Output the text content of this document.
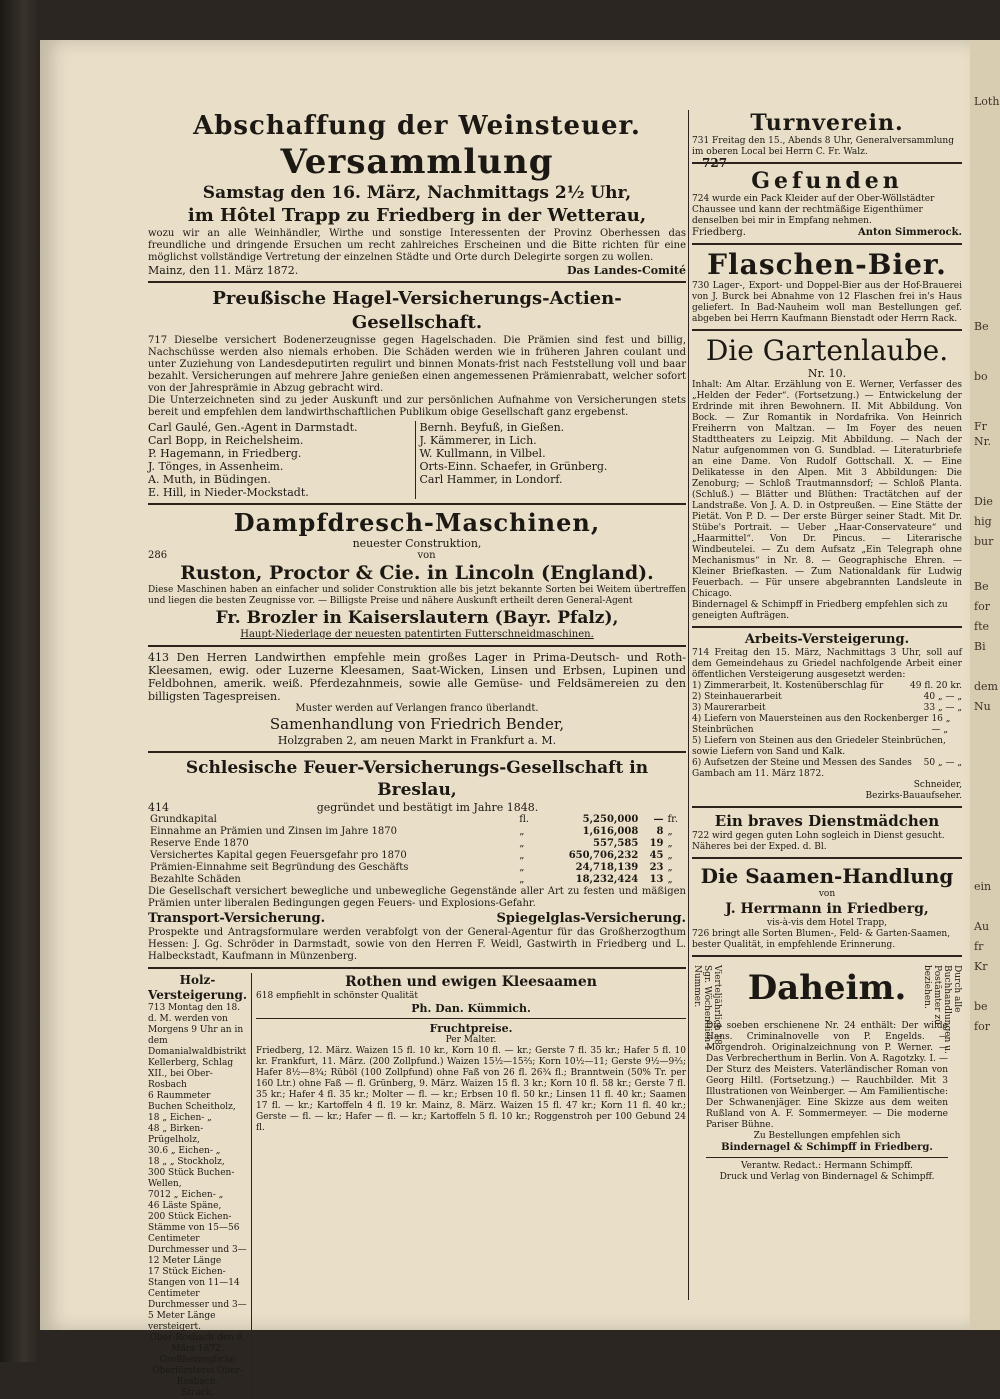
727
Abschaffung der Weinsteuer.
Versammlung
Samstag den 16. März, Nachmittags 2½ Uhr,
im Hôtel Trapp zu Friedberg in der Wetterau,

wozu wir an alle Weinhändler, Wirthe und sonstige Interessenten der Provinz Oberhessen das freundliche und dringende Ersuchen um recht zahlreiches Erscheinen und die Bitte richten für eine möglichst vollständige Vertretung der einzelnen Städte und Orte durch Delegirte sorgen zu wollen.

Mainz, den 11. März 1872.	Das Landes-Comité
Preußische Hagel-Versicherungs-Actien-Gesellschaft.

717 Dieselbe versichert Bodenerzeugnisse gegen Hagelschaden. Die Prämien sind fest und billig, Nachschüsse werden also niemals erhoben. Die Schäden werden wie in früheren Jahren coulant und unter Zuziehung von Landesdeputirten regulirt und binnen Monats-frist nach Feststellung voll und baar bezahlt. Versicherungen auf mehrere Jahre genießen einen angemessenen Prämienrabatt, welcher sofort von der Jahresprämie in Abzug gebracht wird.

Die Unterzeichneten sind zu jeder Auskunft und zur persönlichen Aufnahme von Versicherungen stets bereit und empfehlen dem landwirthschaftlichen Publikum obige Gesellschaft ganz ergebenst.

Carl Gaulé, Gen.-Agent in Darmstadt.
Carl Bopp, in Reichelsheim.
P. Hagemann, in Friedberg.
J. Tönges, in Assenheim.
A. Muth, in Büdingen.
E. Hill, in Nieder-Mockstadt.
Bernh. Beyfuß, in Gießen.
J. Kämmerer, in Lich.
W. Kullmann, in Vilbel.
Orts-Einn. Schaefer, in Grünberg.
Carl Hammer, in Londorf.
Dampfdresch-Maschinen,
neuester Construktion,
286	von
Ruston, Proctor & Cie. in Lincoln (England).

Diese Maschinen haben an einfacher und solider Construktion alle bis jetzt bekannte Sorten bei Weitem übertreffen und liegen die besten Zeugnisse vor. — Billigste Preise und nähere Auskunft ertheilt deren General-Agent

Fr. Brozler in Kaiserslautern (Bayr. Pfalz),
Haupt-Niederlage der neuesten patentirten Futterschneidmaschinen.

413 Den Herren Landwirthen empfehle mein großes Lager in Prima-Deutsch- und Roth-Kleesamen, ewig. oder Luzerne Kleesamen, Saat-Wicken, Linsen und Erbsen, Lupinen und Feldbohnen, amerik. weiß. Pferdezahnmeis, sowie alle Gemüse- und Feldsämereien zu den billigsten Tagespreisen.

Muster werden auf Verlangen franco überlandt.
Samenhandlung von Friedrich Bender,
Holzgraben 2, am neuen Markt in Frankfurt a. M.
Schlesische Feuer-Versicherungs-Gesellschaft in Breslau,
414	gegründet und bestätigt im Jahre 1848.
Grundkapital	fl.	5,250,000	—	fr.
Einnahme an Prämien und Zinsen im Jahre 1870	„	1,616,008	8	„
Reserve Ende 1870	„	557,585	19	„
Versichertes Kapital gegen Feuersgefahr pro 1870	„	650,706,232	45	„
Prämien-Einnahme seit Begründung des Geschäfts	„	24,718,139	23	„
Bezahlte Schäden	„	18,232,424	13	„

Die Gesellschaft versichert bewegliche und unbewegliche Gegenstände aller Art zu festen und mäßigen Prämien unter liberalen Bedingungen gegen Feuers- und Explosions-Gefahr.

Transport-Versicherung.	Spiegelglas-Versicherung.

Prospekte und Antragsformulare werden verabfolgt von der General-Agentur für das Großherzogthum Hessen: J. Gg. Schröder in Darmstadt, sowie von den Herren F. Weidl, Gastwirth in Friedberg und L. Halbeckstadt, Kaufmann in Münzenberg.

Holz-Versteigerung.

713 Montag den 18. d. M. werden von Morgens 9 Uhr an in dem Domanialwaldbistrikt Kellerberg, Schlag XII., bei Ober-Rosbach

6 Raummeter Buchen Scheitholz,
18 „ Eichen- „
48 „ Birken-Prügelholz,
30.6 „ Eichen- „
18 „ „ Stockholz,
300 Stück Buchen-Wellen,
7012 „ Eichen- „
46 Läste Späne,
200 Stück Eichen-Stämme von 15—56 Centimeter Durchmesser und 3—12 Meter Länge
17 Stück Eichen-Stangen von 11—14 Centimeter Durchmesser und 3—5 Meter Länge
versteigert.
Ober-Rosbach den 9. März 1872.
Großherzogliche Oberförsterei Ober-Rosbach.
Strack.
Rothen und ewigen Kleesaamen
618 empfiehlt in schönster Qualität
Ph. Dan. Kümmich.
Fruchtpreise.
Per Malter.

Friedberg, 12. März. Waizen 15 fl. 10 kr., Korn 10 fl. — kr.; Gerste 7 fl. 35 kr.; Hafer 5 fl. 10 kr. Frankfurt, 11. März. (200 Zollpfund.) Waizen 15½—15⅔; Korn 10½—11; Gerste 9½—9⅔; Hafer 8½—8¾; Rüböl (100 Zollpfund) ohne Faß von 26 fl. 26¾ fl.; Branntwein (50% Tr. per 160 Ltr.) ohne Faß — fl. Grünberg, 9. März. Waizen 15 fl. 3 kr.; Korn 10 fl. 58 kr.; Gerste 7 fl. 35 kr.; Hafer 4 fl. 35 kr.; Molter — fl. — kr.; Erbsen 10 fl. 50 kr.; Linsen 11 fl. 40 kr.; Saamen 17 fl. — kr.; Kartoffeln 4 fl. 19 kr. Mainz, 8. März. Waizen 15 fl. 47 kr.; Korn 11 fl. 40 kr.; Gerste — fl. — kr.; Hafer — fl. — kr.; Kartoffeln 5 fl. 10 kr.; Roggenstroh per 100 Gebund 24 fl.

Turnverein.

731 Freitag den 15., Abends 8 Uhr, Generalversammlung im oberen Local bei Herrn C. Fr. Walz.

Gefunden

724 wurde ein Pack Kleider auf der Ober-Wöllstädter Chaussee und kann der rechtmäßige Eigenthümer denselben bei mir in Empfang nehmen.

Friedberg.	Anton Simmerock.
Flaschen-Bier.

730 Lager-, Export- und Doppel-Bier aus der Hof-Brauerei von J. Burck bei Abnahme von 12 Flaschen frei in's Haus geliefert. In Bad-Nauheim woll man Bestellungen gef. abgeben bei Herrn Kaufmann Bienstadt oder Herrn Rack.

Die Gartenlaube.
Nr. 10.

Inhalt: Am Altar. Erzählung von E. Werner, Verfasser des „Helden der Feder“. (Fortsetzung.) — Entwickelung der Erdrinde mit ihren Bewohnern. II. Mit Abbildung. Von Bock. — Zur Romantik in Nordafrika. Von Heinrich Freiherrn von Maltzan. — Im Foyer des neuen Stadttheaters zu Leipzig. Mit Abbildung. — Nach der Natur aufgenommen von G. Sundblad. — Literaturbriefe an eine Dame. Von Rudolf Gottschall. X. — Eine Delikatesse in den Alpen. Mit 3 Abbildungen: Die Zenoburg; — Schloß Trautmannsdorf; — Schloß Planta. (Schluß.) — Blätter und Blüthen: Tractätchen auf der Landstraße. Von J. A. D. in Ostpreußen. — Eine Stätte der Pietät. Von P. D. — Der erste Bürger seiner Stadt. Mit Dr. Stübe's Portrait. — Ueber „Haar-Conservateure“ und „Haarmittel“. Von Dr. Pincus. — Literarische Windbeutelei. — Zu dem Aufsatz „Ein Telegraph ohne Mechanismus“ in Nr. 8. — Geographische Ehren. — Kleiner Briefkasten. — Zum Nationaldank für Ludwig Feuerbach. — Für unsere abgebrannten Landsleute in Chicago.

Bindernagel & Schimpff in Friedberg empfehlen sich zu geneigten Aufträgen.

Arbeits-Versteigerung.

714 Freitag den 15. März, Nachmittags 3 Uhr, soll auf dem Gemeindehaus zu Griedel nachfolgende Arbeit einer öffentlichen Versteigerung ausgesetzt werden:

1) Zimmerarbeit, lt. Kostenüberschlag für	49 fl. 20 kr.
2) Steinhauerarbeit	40 „ — „
3) Maurerarbeit	33 „ — „
4) Liefern von Mauersteinen aus den Rockenberger Steinbrüchen
16 „ — „
5) Liefern von Steinen aus den Griedeler Steinbrüchen, sowie Liefern von Sand und Kalk.
6) Aufsetzen der Steine und Messen des Sandes 50 „ — „
Gambach am 11. März 1872.
Schneider,
Bezirks-Bauaufseher.
Ein braves Dienstmädchen

722 wird gegen guten Lohn sogleich in Dienst gesucht. Näheres bei der Exped. d. Bl.

Die Saamen-Handlung
von
J. Herrmann in Friedberg,
vis-à-vis dem Hotel Trapp,

726 bringt alle Sorten Blumen-, Feld- & Garten-Saamen, bester Qualität, in empfehlende Erinnerung.

Vierteljährlich 18 Sgr. Wöchentlich 1 Nummer.	Durch alle Buchhandlungen u. Postämter zu beziehen.
Daheim.

Die soeben erschienene Nr. 24 enthält: Der wilde Hans. Criminalnovelle von P. Engelds. — Morgendroh. Originalzeichnung von P. Werner. — Das Verbrecherthum in Berlin. Von A. Ragotzky. I. — Der Sturz des Meisters. Vaterländischer Roman von Georg Hiltl. (Fortsetzung.) — Rauchbilder. Mit 3 Illustrationen von Weinberger. — Am Familientische: Der Schwanenjäger. Eine Skizze aus dem weiten Rußland von A. F. Sommermeyer. — Die moderne Pariser Bühne.

Zu Bestellungen empfehlen sich
Bindernagel & Schimpff in Friedberg.
Verantw. Redact.: Hermann Schimpff.
Druck und Verlag von Bindernagel & Schimpff.
Loth
Be
bo
Fr
Nr.
Die
hig
bur
Be
for
fte
Bi
dem
Nu
ein
Au
fr
Kr
be
for
